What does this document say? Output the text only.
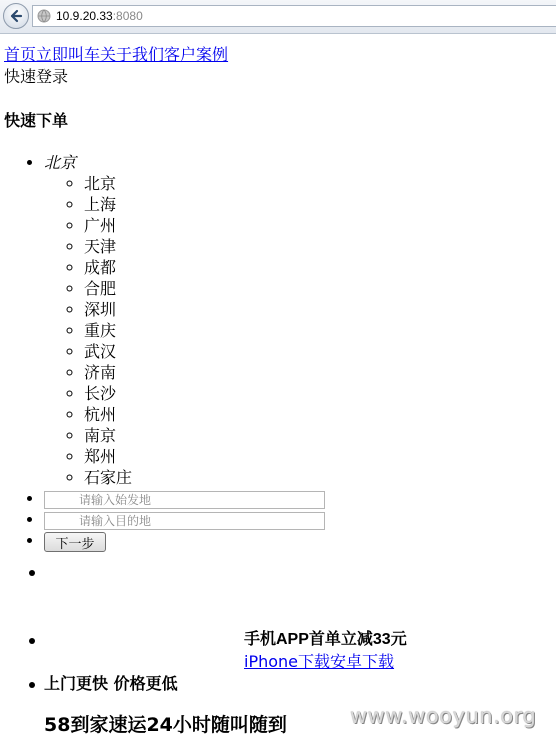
10.9.20.33 :8080
首页立即叫车关于我们客户案例
快速登录
快速下单
• 北京
◦ 北京
◦ 上海
◦ 广州
◦ 天津
◦ 成都
◦ 合肥
◦ 深圳
◦ 重庆
◦ 武汉
◦ 济南
◦ 长沙
◦ 杭州
◦ 南京
◦ 郑州
◦ 石家庄
• 请输入始发地
• 请输入目的地
• 下一步
手机APP首单立减33元
iPhone下载安卓下载
上门更快 价格更低
58到家速运24小时随叫随到	www.wooyun.org
